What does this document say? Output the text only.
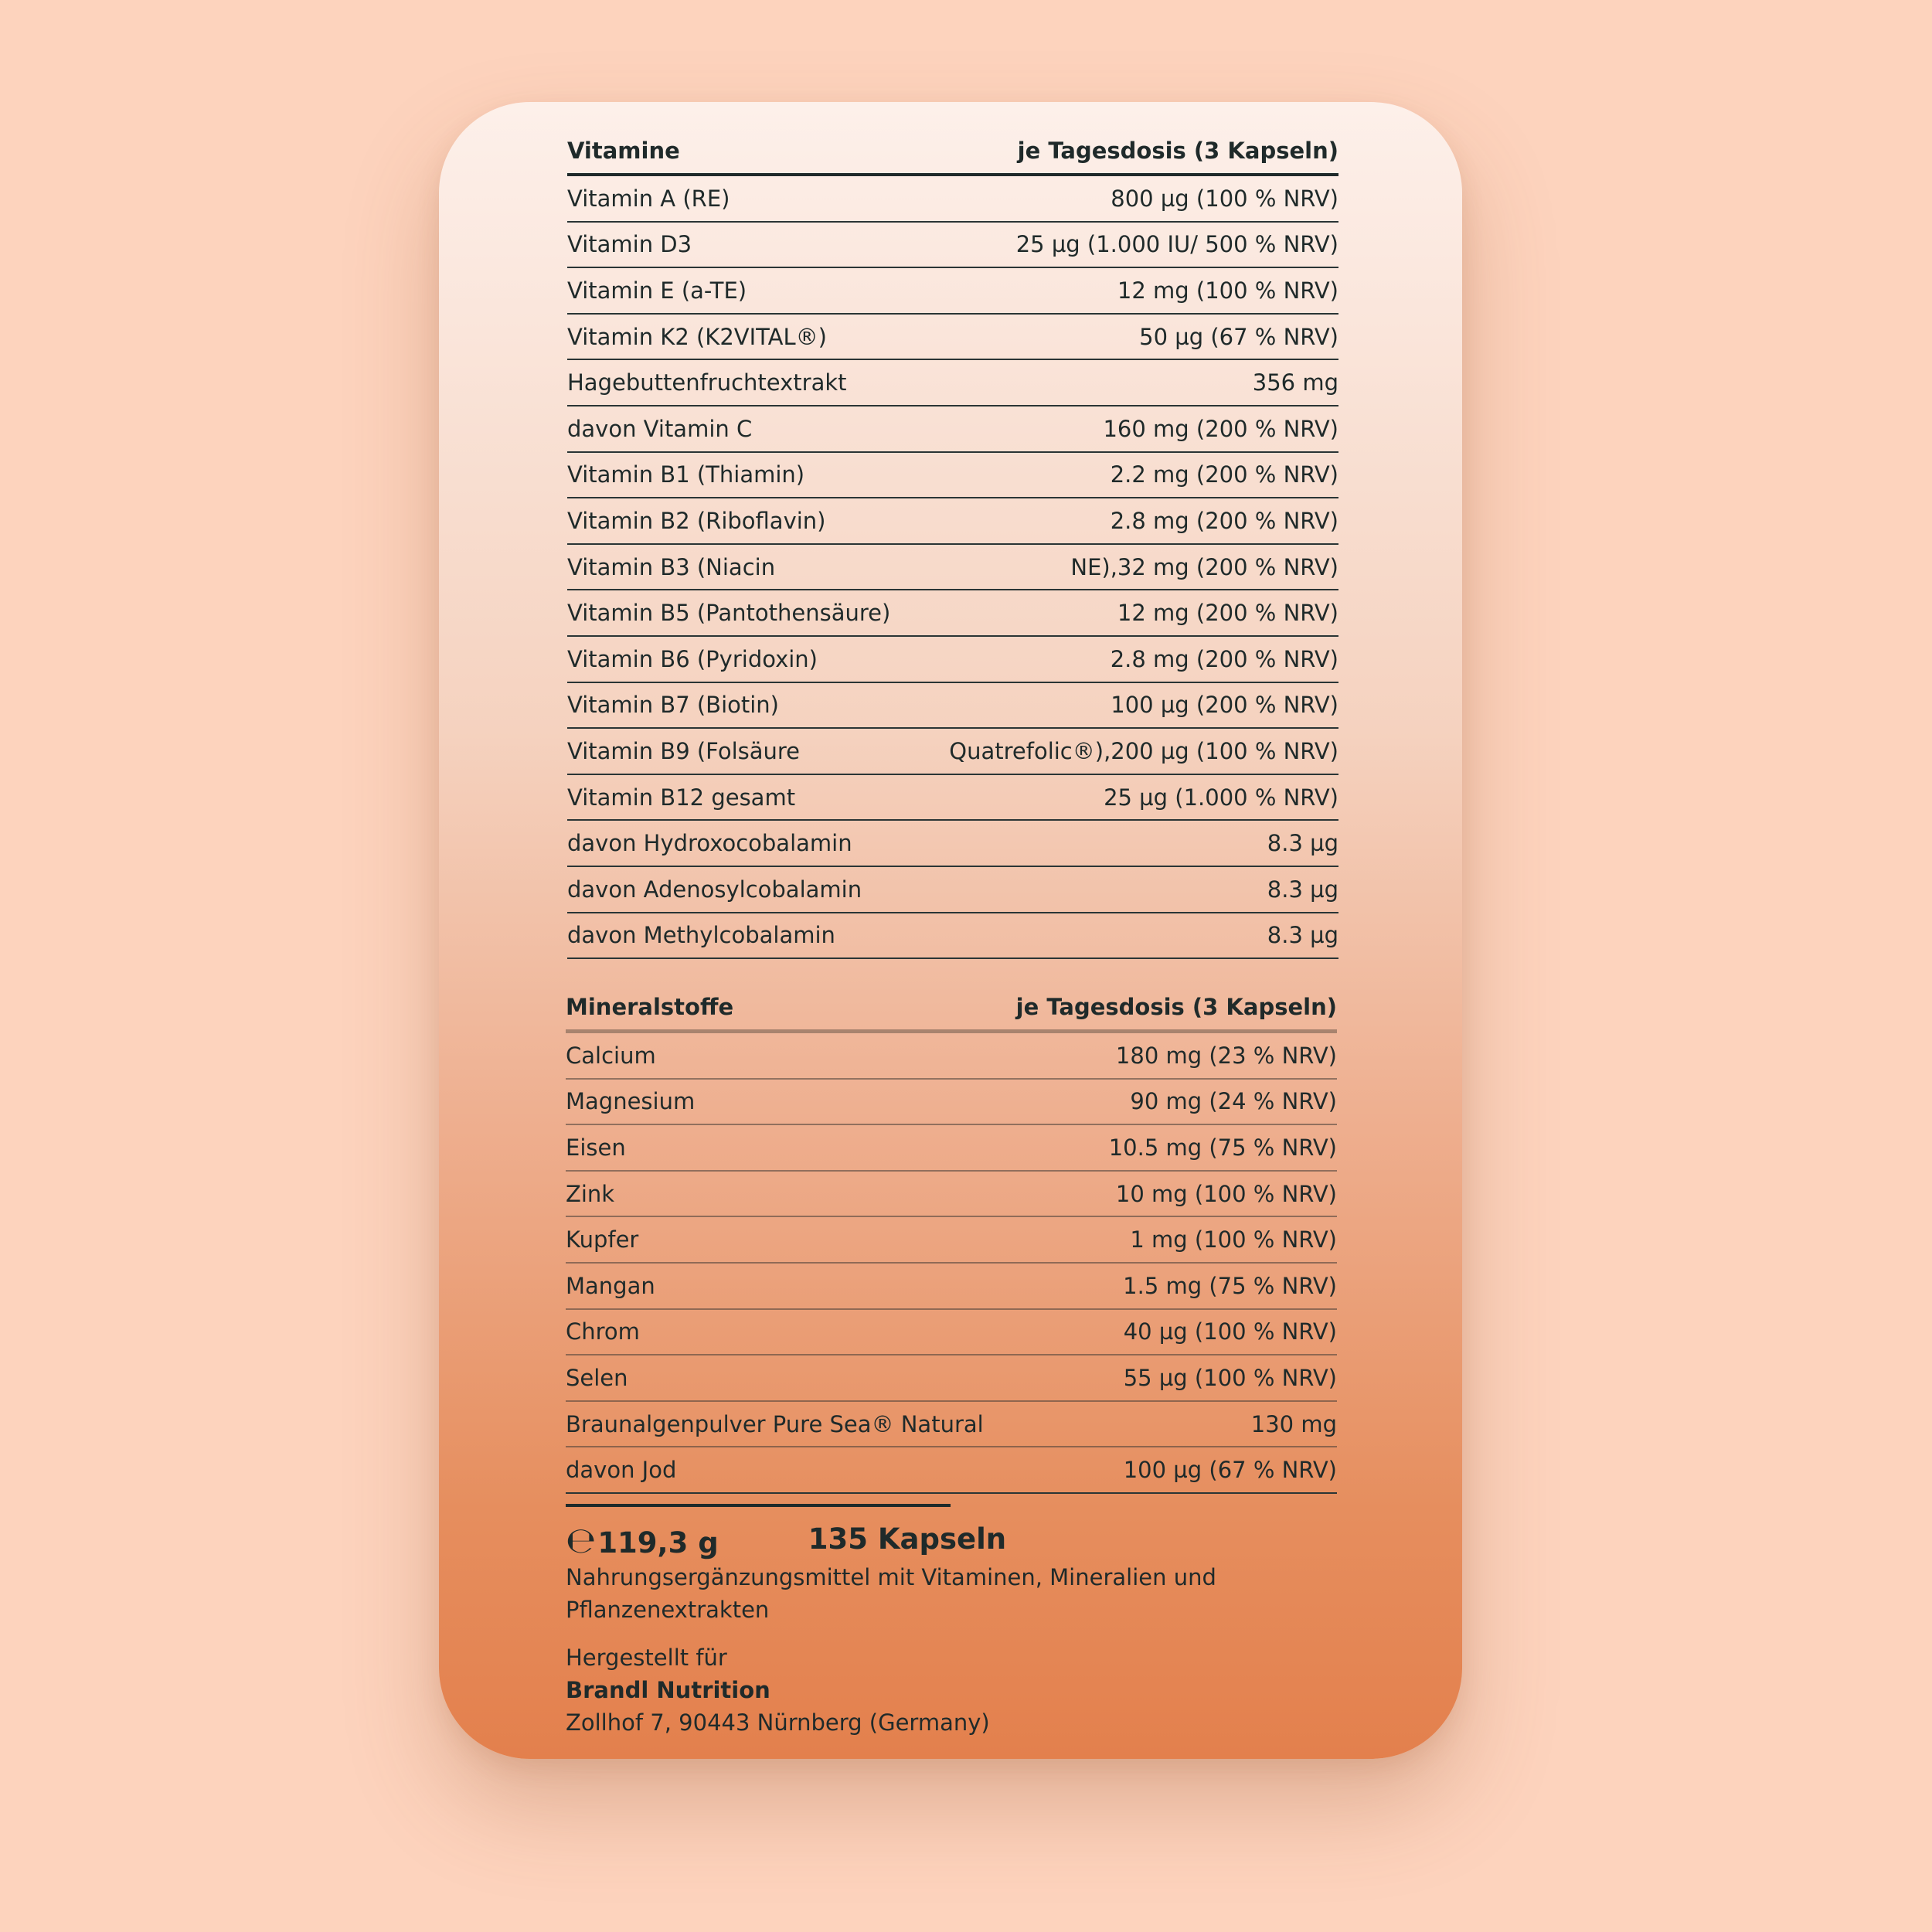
Vitamine	je Tagesdosis (3 Kapseln)
Vitamin A (RE)	800 µg (100 % NRV)
Vitamin D3	25 µg (1.000 IU/ 500 % NRV)
Vitamin E (a-TE)	12 mg (100 % NRV)
Vitamin K2 (K2VITAL®)	50 µg (67 % NRV)
Hagebuttenfruchtextrakt	356 mg
davon Vitamin C	160 mg (200 % NRV)
Vitamin B1 (Thiamin)	2.2 mg (200 % NRV)
Vitamin B2 (Riboflavin)	2.8 mg (200 % NRV)
Vitamin B3 (Niacin	NE),32 mg (200 % NRV)
Vitamin B5 (Pantothensäure)	12 mg (200 % NRV)
Vitamin B6 (Pyridoxin)	2.8 mg (200 % NRV)
Vitamin B7 (Biotin)	100 µg (200 % NRV)
Vitamin B9 (Folsäure	Quatrefolic®),200 µg (100 % NRV)
Vitamin B12 gesamt	25 µg (1.000 % NRV)
davon Hydroxocobalamin	8.3 µg
davon Adenosylcobalamin	8.3 µg
davon Methylcobalamin	8.3 µg
Mineralstoffe	je Tagesdosis (3 Kapseln)
Calcium	180 mg (23 % NRV)
Magnesium	90 mg (24 % NRV)
Eisen	10.5 mg (75 % NRV)
Zink	10 mg (100 % NRV)
Kupfer	1 mg (100 % NRV)
Mangan	1.5 mg (75 % NRV)
Chrom	40 µg (100 % NRV)
Selen	55 µg (100 % NRV)
Braunalgenpulver Pure Sea® Natural	130 mg
davon Jod	100 µg (67 % NRV)
℮ 119,3 g	135 Kapseln
Nahrungsergänzungsmittel mit Vitaminen, Mineralien und Pflanzenextrakten
Hergestellt für
Brandl Nutrition
Zollhof 7, 90443 Nürnberg (Germany)
